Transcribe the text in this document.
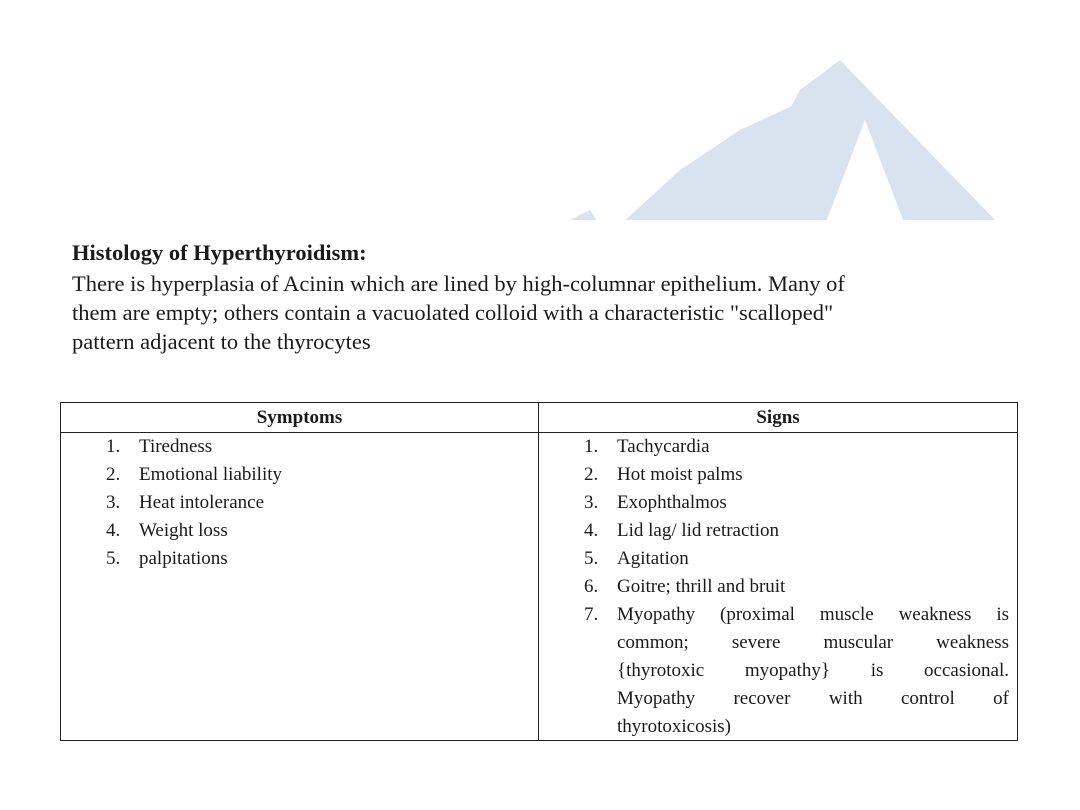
Histology of Hyperthyroidism:

There is hyperplasia of Acinin which are lined by high-columnar epithelium. Many of
them are empty; others contain a vacuolated colloid with a characteristic "scalloped"
pattern adjacent to the thyrocytes

Symptoms	Signs
1. Tiredness
2. Emotional liability
3. Heat intolerance
4. Weight loss
5. palpitations
1. Tachycardia
2. Hot moist palms
3. Exophthalmos
4. Lid lag/ lid retraction
5. Agitation
6. Goitre; thrill and bruit
7. Myopathy (proximal muscle weakness is
common; severe muscular weakness
{thyrotoxic myopathy} is occasional.
Myopathy recover with control of
thyrotoxicosis)
